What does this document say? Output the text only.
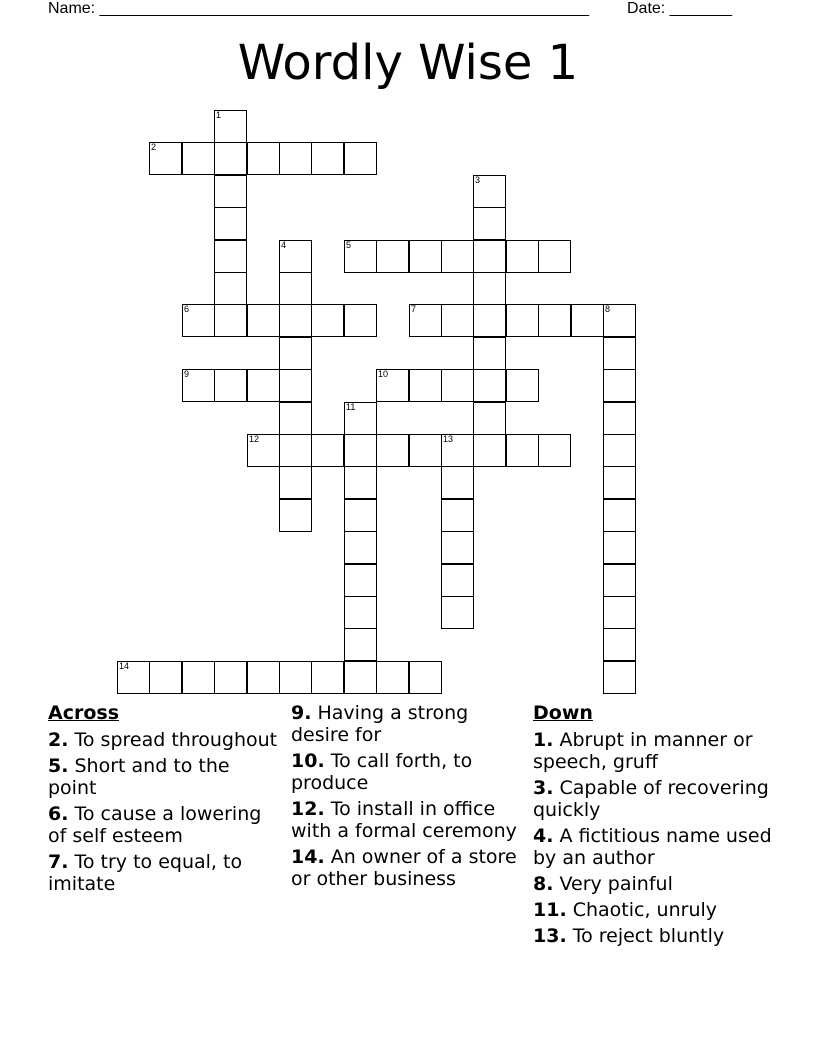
Name: _______________________________________________________ Date: _______
Wordly Wise 1
1
2
3
4	5
6	7	8
9	10
11
12	13
14
Across
2. To spread throughout
5. Short and to the point
6. To cause a lowering of self esteem
7. To try to equal, to imitate
9. Having a strong desire for
10. To call forth, to produce
12. To install in office with a formal ceremony
14. An owner of a store or other business
Down
1. Abrupt in manner or speech, gruff
3. Capable of recovering quickly
4. A fictitious name used by an author
8. Very painful
11. Chaotic, unruly
13. To reject bluntly
